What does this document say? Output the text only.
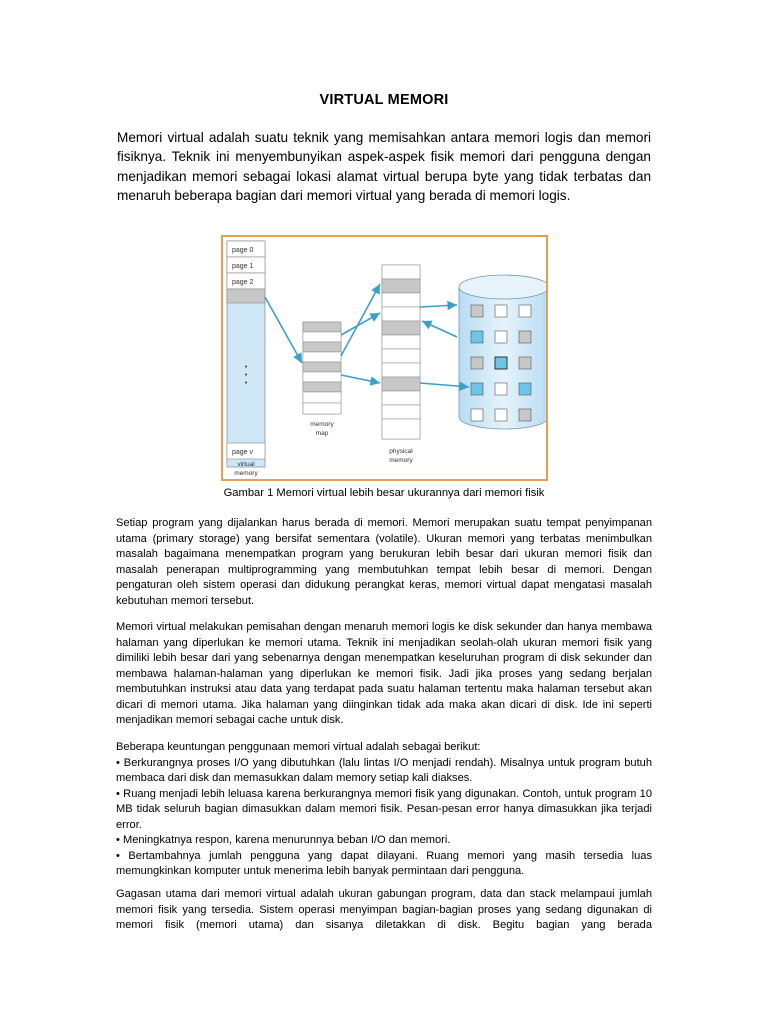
VIRTUAL MEMORI
Memori virtual adalah suatu teknik yang memisahkan antara memori logis dan memori fisiknya. Teknik ini menyembunyikan aspek-aspek fisik memori dari pengguna dengan menjadikan memori sebagai lokasi alamat virtual berupa byte yang tidak terbatas dan menaruh beberapa bagian dari memori virtual yang berada di memori logis.
page 0
page 1
page 2
•
•
•
page v
virtual
memory
memory
map
physical
memory
Gambar 1 Memori virtual lebih besar ukurannya dari memori fisik

Setiap program yang dijalankan harus berada di memori. Memori merupakan suatu tempat penyimpanan utama (primary storage) yang bersifat sementara (volatile). Ukuran memori yang terbatas menimbulkan masalah bagaimana menempatkan program yang berukuran lebih besar dari ukuran memori fisik dan masalah penerapan multiprogramming yang membutuhkan tempat lebih besar di memori. Dengan pengaturan oleh sistem operasi dan didukung perangkat keras, memori virtual dapat mengatasi masalah kebutuhan memori tersebut.

Memori virtual melakukan pemisahan dengan menaruh memori logis ke disk sekunder dan hanya membawa halaman yang diperlukan ke memori utama. Teknik ini menjadikan seolah-olah ukuran memori fisik yang dimiliki lebih besar dari yang sebenarnya dengan menempatkan keseluruhan program di disk sekunder dan membawa halaman-halaman yang diperlukan ke memori fisik. Jadi jika proses yang sedang berjalan membutuhkan instruksi atau data yang terdapat pada suatu halaman tertentu maka halaman tersebut akan dicari di memori utama. Jika halaman yang diinginkan tidak ada maka akan dicari di disk. Ide ini seperti menjadikan memori sebagai cache untuk disk.

Beberapa keuntungan penggunaan memori virtual adalah sebagai berikut:

• Berkurangnya proses I/O yang dibutuhkan (lalu lintas I/O menjadi rendah). Misalnya untuk program butuh membaca dari disk dan memasukkan dalam memory setiap kali diakses.

• Ruang menjadi lebih leluasa karena berkurangnya memori fisik yang digunakan. Contoh, untuk program 10 MB tidak seluruh bagian dimasukkan dalam memori fisik. Pesan-pesan error hanya dimasukkan jika terjadi error.

• Meningkatnya respon, karena menurunnya beban I/O dan memori.

• Bertambahnya jumlah pengguna yang dapat dilayani. Ruang memori yang masih tersedia luas memungkinkan komputer untuk menerima lebih banyak permintaan dari pengguna.

Gagasan utama dari memori virtual adalah ukuran gabungan program, data dan stack melampaui jumlah memori fisik yang tersedia. Sistem operasi menyimpan bagian-bagian proses yang sedang digunakan di memori fisik (memori utama) dan sisanya diletakkan di disk. Begitu bagian yang berada
